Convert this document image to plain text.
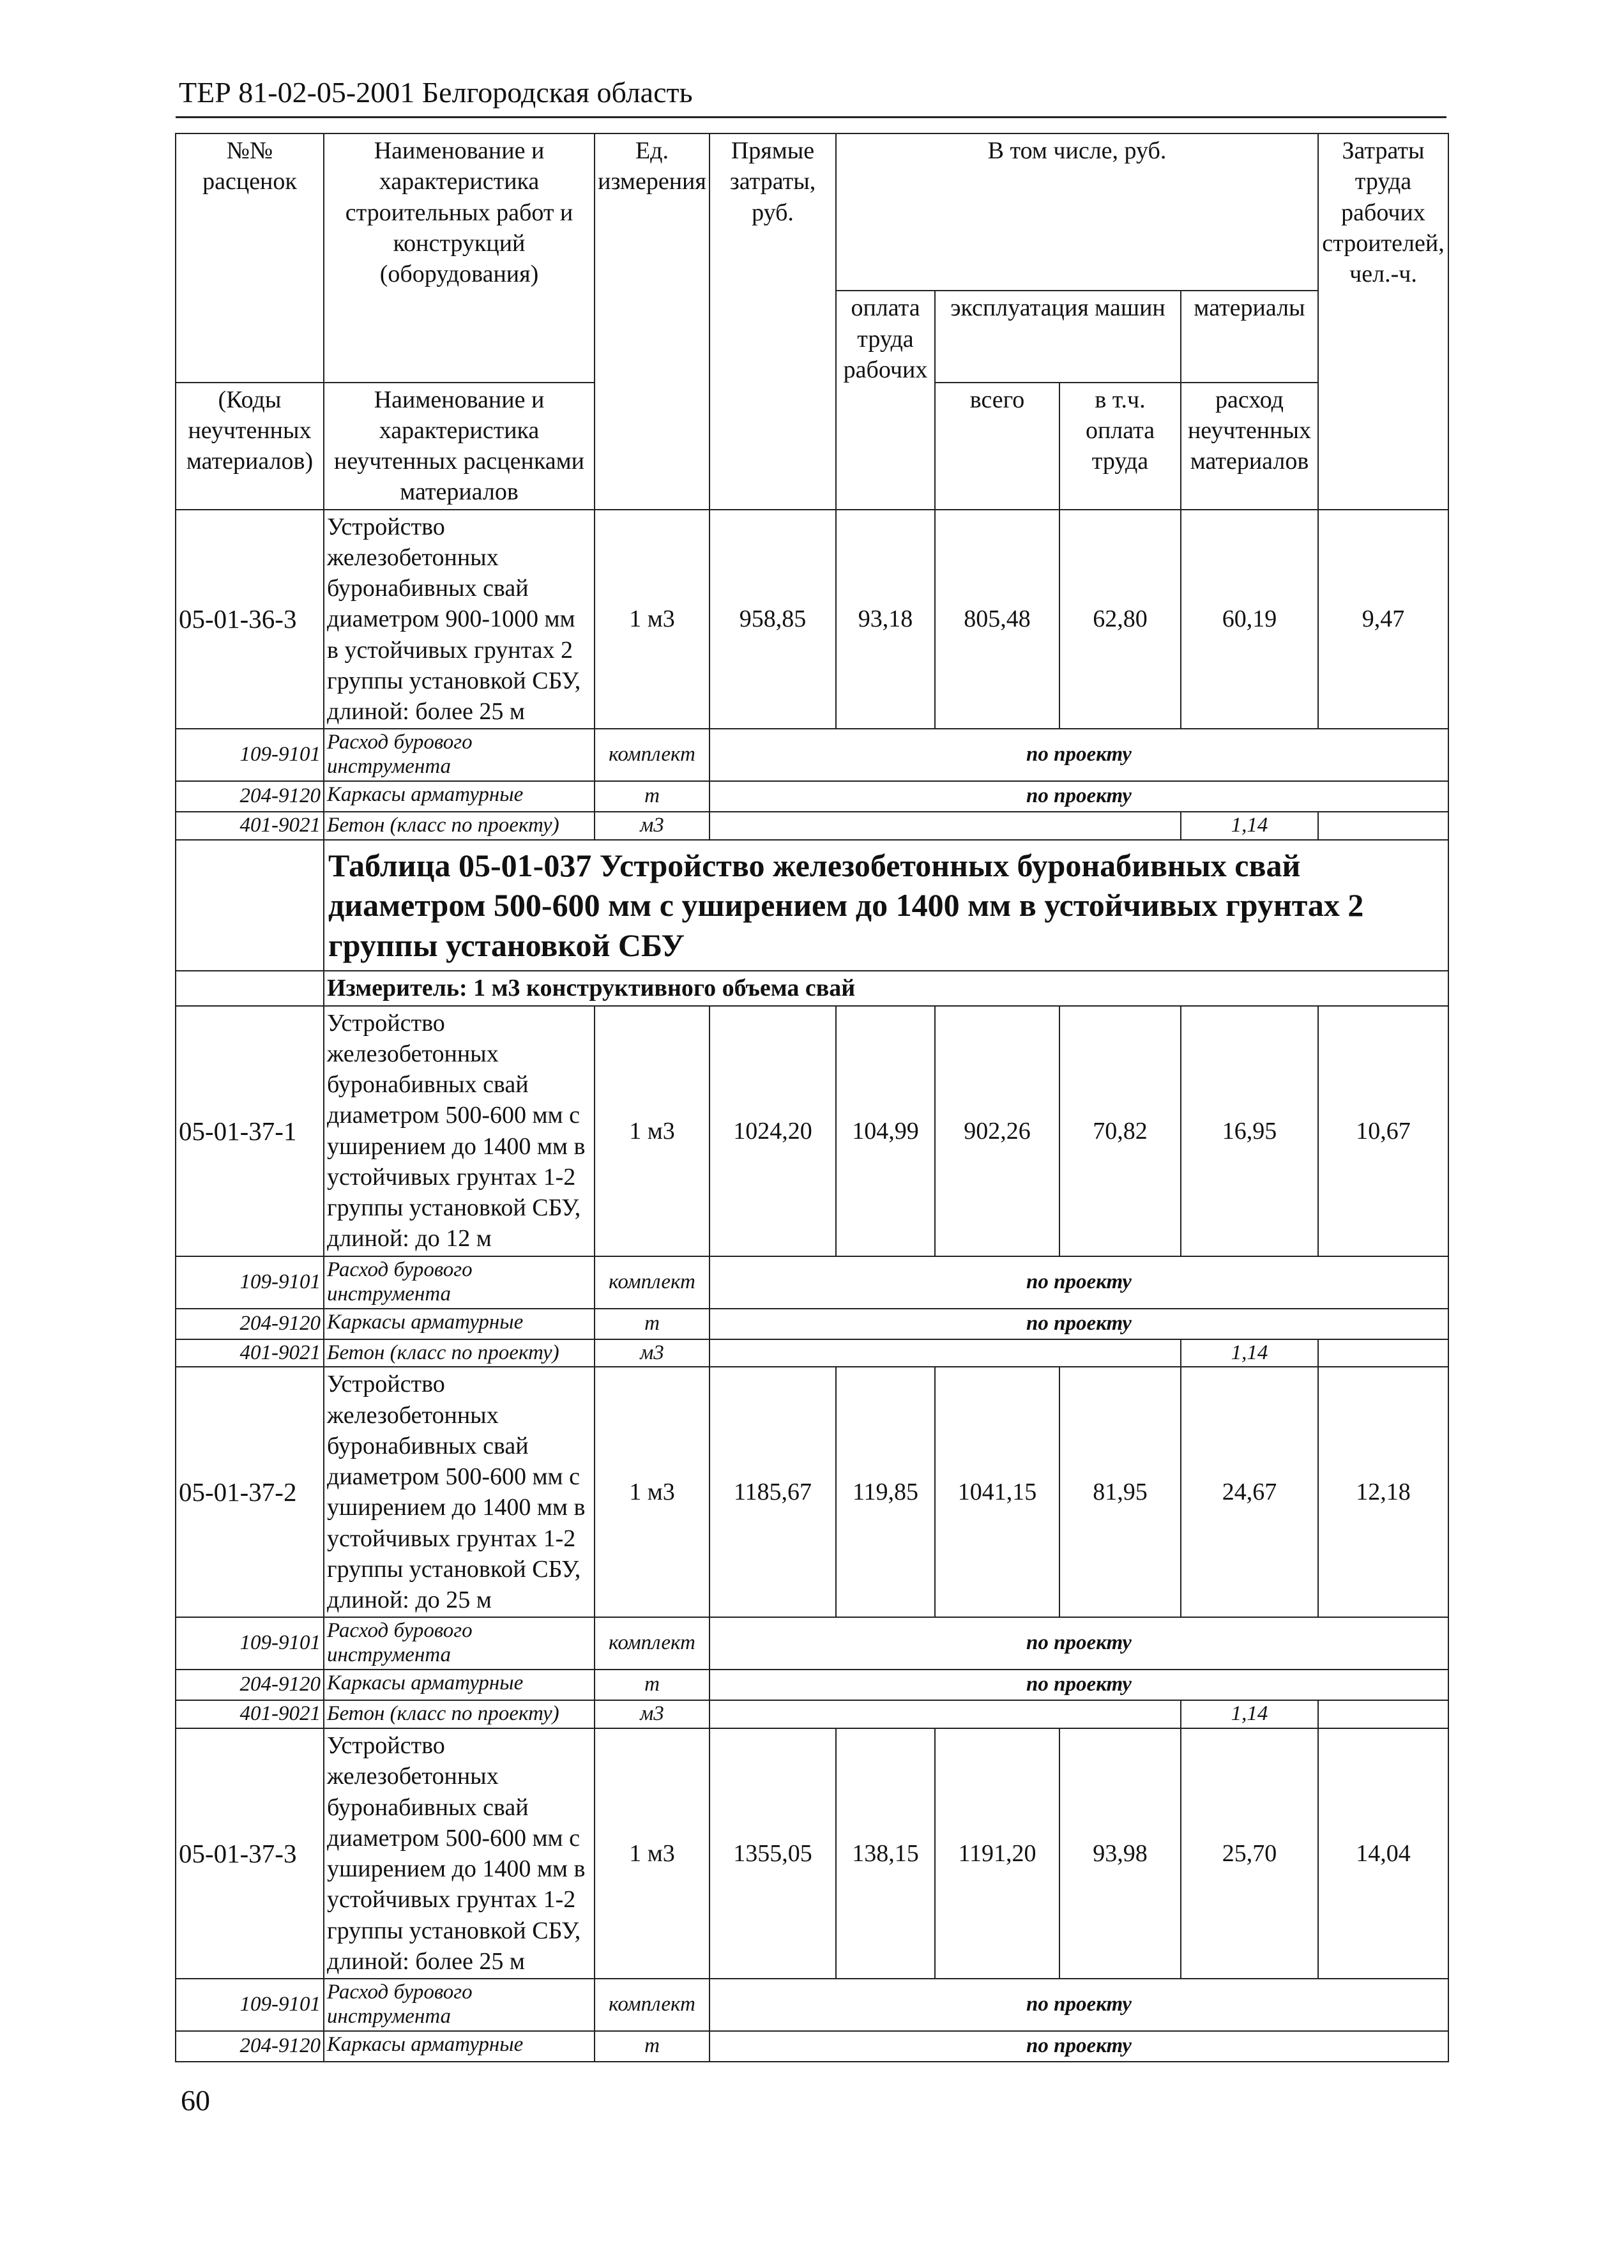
ТЕР 81-02-05-2001 Белгородская область
№№ расценок	Наименование и характеристика строительных работ и конструкций (оборудования)	Ед. измерения	Прямые затраты, руб.	В том числе, руб.				Затраты труда рабочих строителей, чел.-ч.
				оплата труда рабочих	эксплуатация машин		материалы	

(Коды неучтенных материалов)	Наименование и характеристика неучтенных расценками материалов				всего	в т.ч. оплата труда	расход неучтенных материалов	
05-01-36-3	Устройство железобетонных буронабивных свай диаметром 900-1000 мм в устойчивых грунтах 2 группы установкой СБУ, длиной: более 25 м	1 м3	958,85	93,18	805,48	62,80	60,19	9,47
109-9101	Расход бурового инструмента	комплект	по проекту					
204-9120	Каркасы арматурные	т	по проекту					
401-9021	Бетон (класс по проекту)	м3					1,14	
	Таблица 05-01-037 Устройство железобетонных буронабивных свай диаметром 500-600 мм с уширением до 1400 мм в устойчивых грунтах 2 группы установкой СБУ							
	Измеритель: 1 м3 конструктивного объема свай							
05-01-37-1	Устройство железобетонных буронабивных свай диаметром 500-600 мм с уширением до 1400 мм в устойчивых грунтах 1-2 группы установкой СБУ, длиной: до 12 м	1 м3	1024,20	104,99	902,26	70,82	16,95	10,67
109-9101	Расход бурового инструмента	комплект	по проекту					
204-9120	Каркасы арматурные	т	по проекту					
401-9021	Бетон (класс по проекту)	м3					1,14	
05-01-37-2	Устройство железобетонных буронабивных свай диаметром 500-600 мм с уширением до 1400 мм в устойчивых грунтах 1-2 группы установкой СБУ, длиной: до 25 м	1 м3	1185,67	119,85	1041,15	81,95	24,67	12,18
109-9101	Расход бурового инструмента	комплект	по проекту					
204-9120	Каркасы арматурные	т	по проекту					
401-9021	Бетон (класс по проекту)	м3					1,14	
05-01-37-3	Устройство железобетонных буронабивных свай диаметром 500-600 мм с уширением до 1400 мм в устойчивых грунтах 1-2 группы установкой СБУ, длиной: более 25 м	1 м3	1355,05	138,15	1191,20	93,98	25,70	14,04
109-9101	Расход бурового инструмента	комплект	по проекту					
204-9120	Каркасы арматурные	т	по проекту					
60
